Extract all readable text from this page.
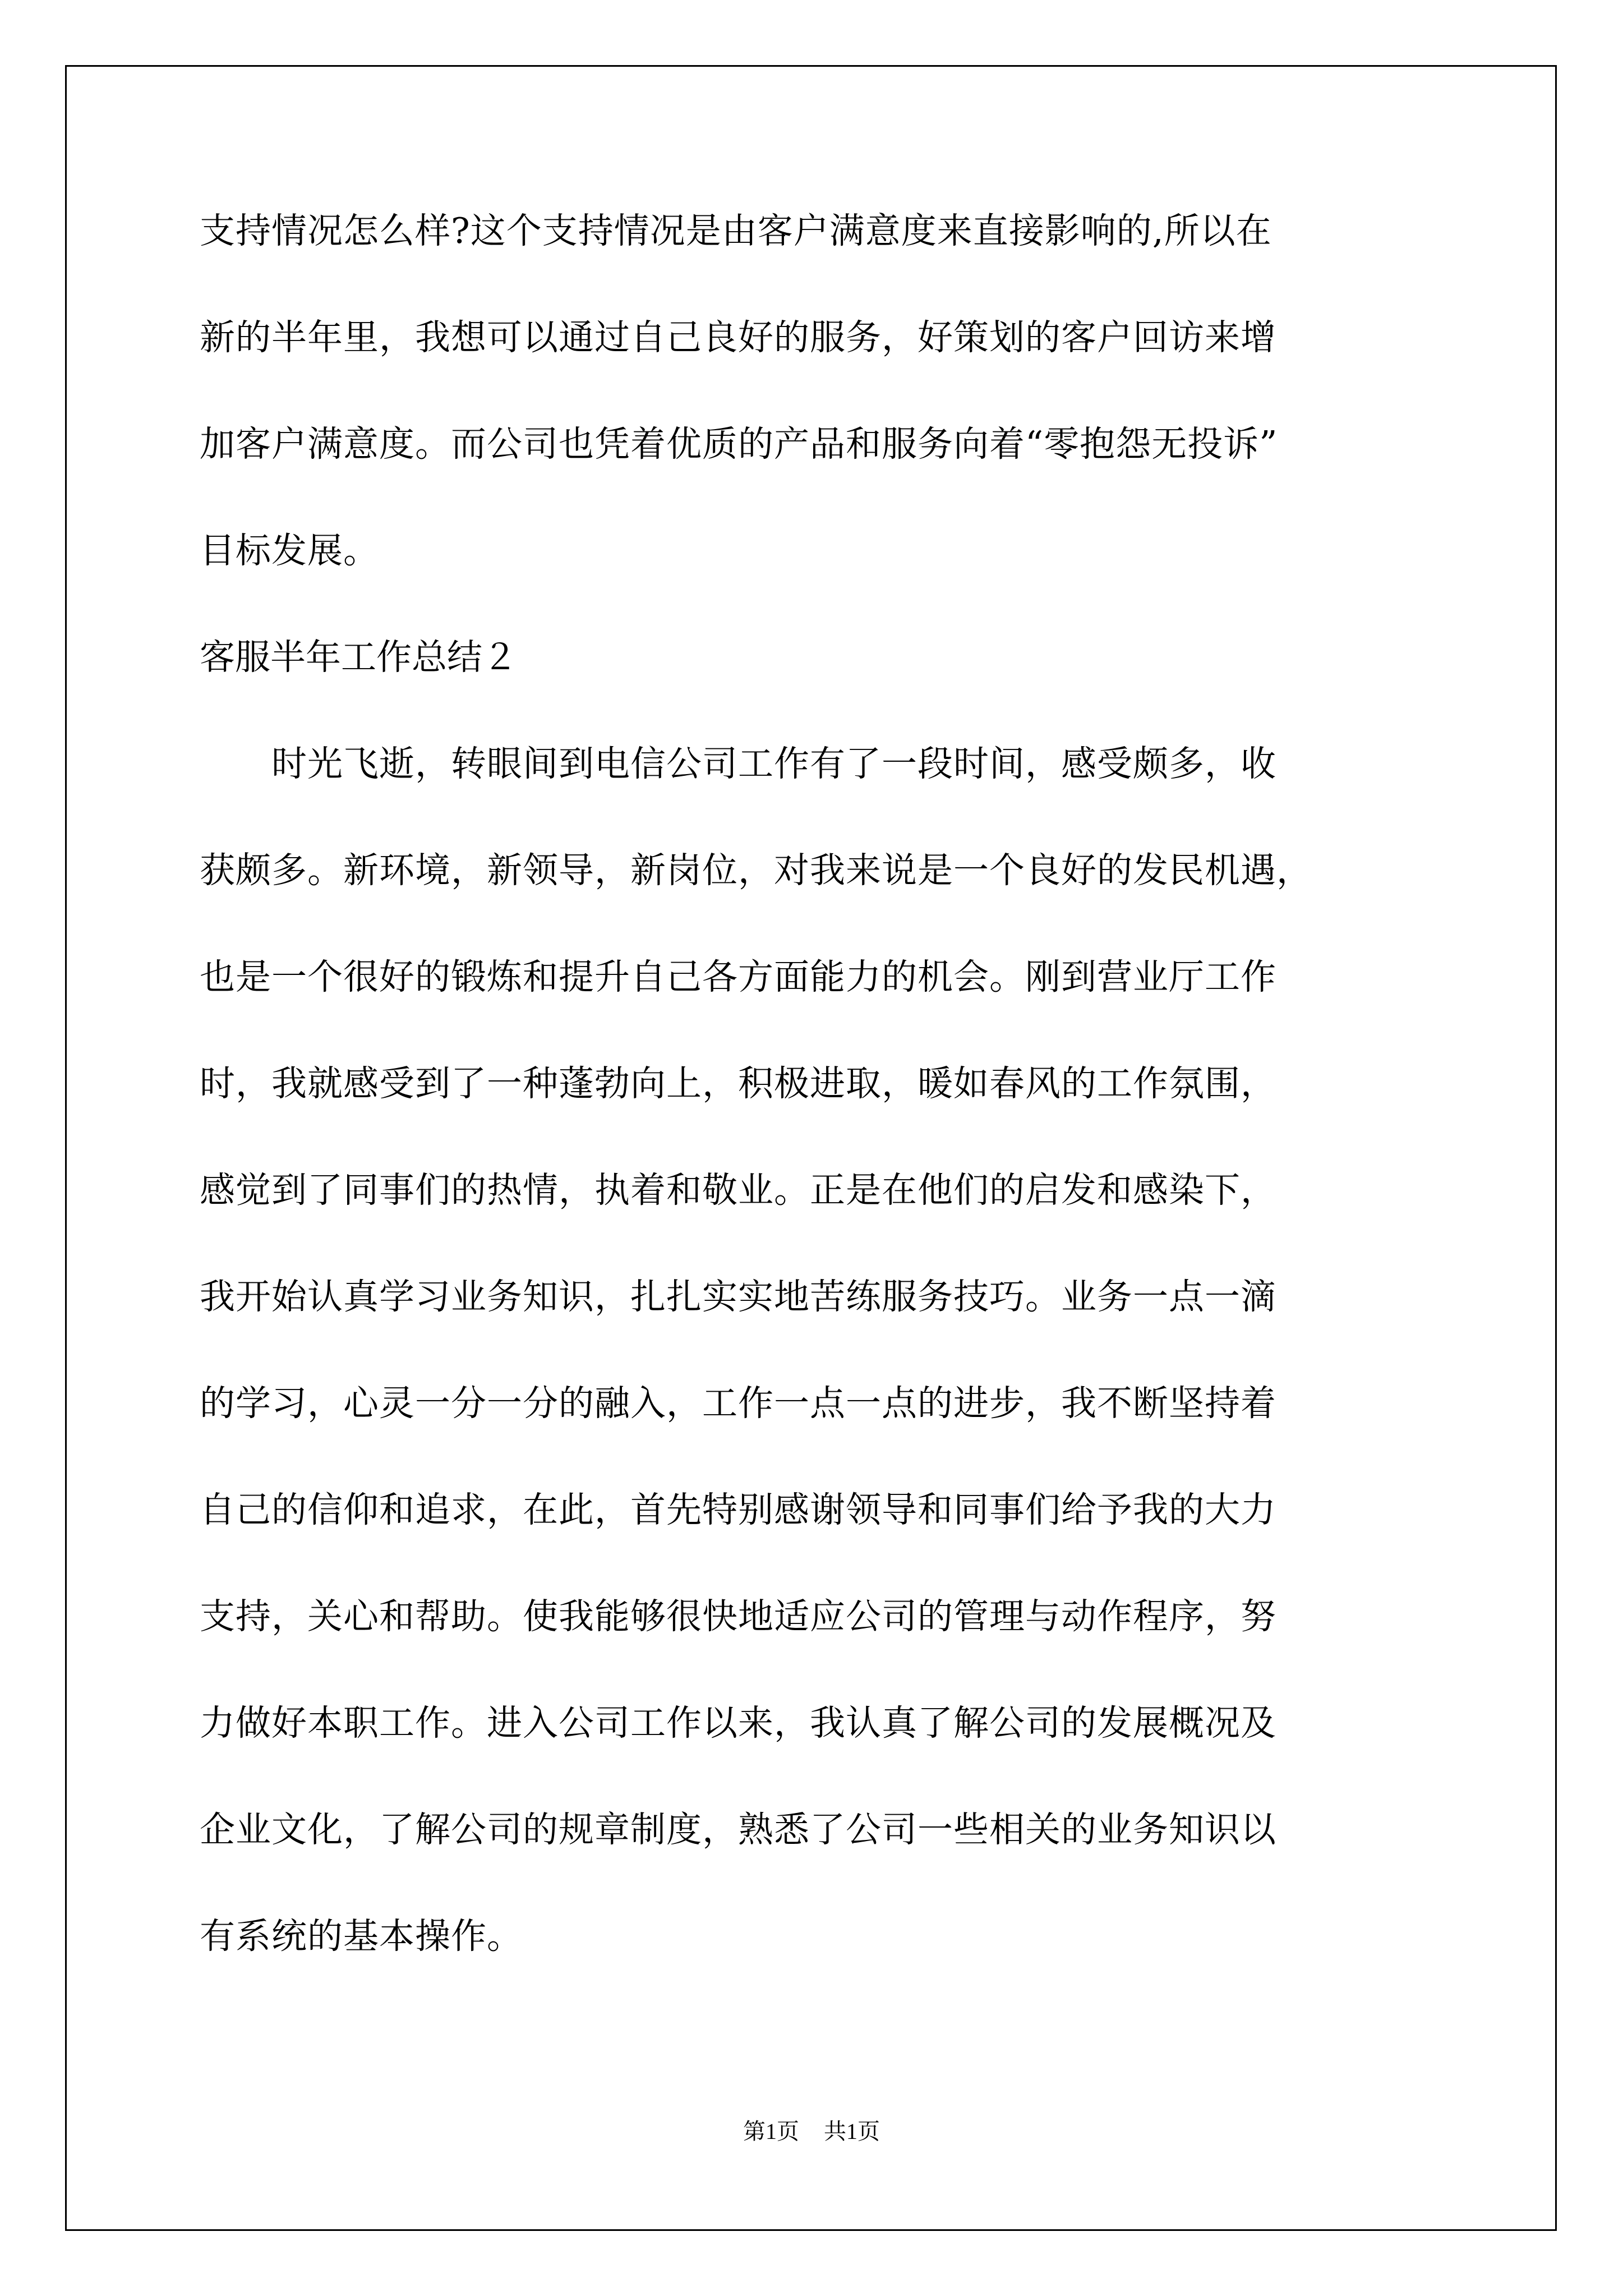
支持情况怎么样?这个支持情况是由客户满意度来直接影响的,所以在
新的半年里，我想可以通过自己良好的服务，好策划的客户回访来增
加客户满意度。而公司也凭着优质的产品和服务向着“零抱怨无投诉”
目标发展。
客服半年工作总结２
　　时光飞逝，转眼间到电信公司工作有了一段时间，感受颇多，收
获颇多。新环境，新领导，新岗位，对我来说是一个良好的发民机遇，
也是一个很好的锻炼和提升自己各方面能力的机会。刚到营业厅工作
时，我就感受到了一种蓬勃向上，积极进取，暖如春风的工作氛围，
感觉到了同事们的热情，执着和敬业。正是在他们的启发和感染下，
我开始认真学习业务知识，扎扎实实地苦练服务技巧。业务一点一滴
的学习，心灵一分一分的融入，工作一点一点的进步，我不断坚持着
自己的信仰和追求，在此，首先特别感谢领导和同事们给予我的大力
支持，关心和帮助。使我能够很快地适应公司的管理与动作程序，努
力做好本职工作。进入公司工作以来，我认真了解公司的发展概况及
企业文化，了解公司的规章制度，熟悉了公司一些相关的业务知识以
有系统的基本操作。
第1页 共1页
